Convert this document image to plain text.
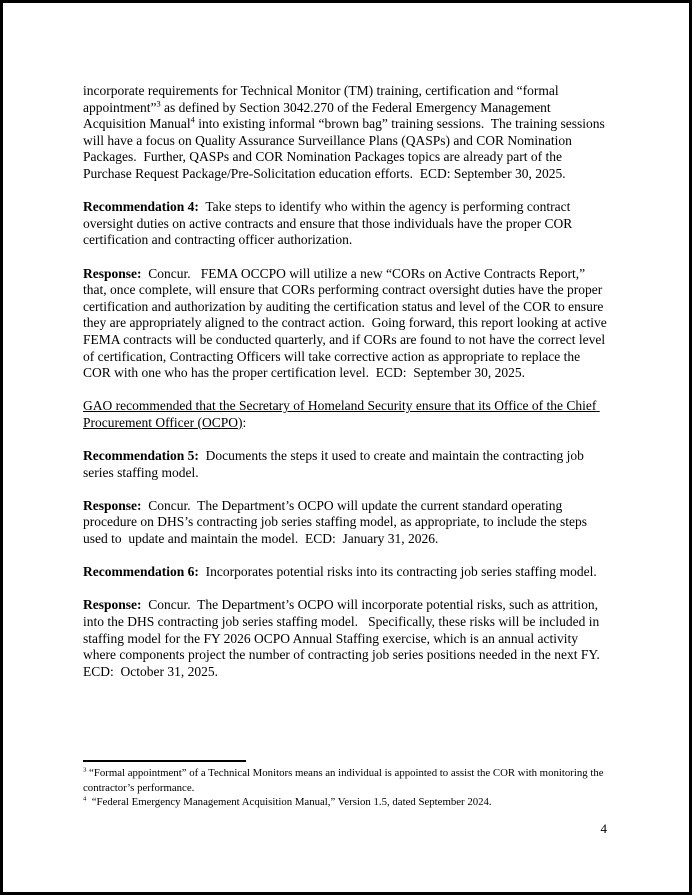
incorporate requirements for Technical Monitor (TM) training, certification and “formal appointment”$^3$ as defined by Section 3042.270 of the Federal Emergency Management Acquisition Manual$^4$ into existing informal “brown bag” training sessions.  The training sessions will have a focus on Quality Assurance Surveillance Plans (QASPs) and COR Nomination Packages.  Further, QASPs and COR Nomination Packages topics are already part of the Purchase Request Package/Pre-Solicitation education efforts.  ECD: September 30, 2025.

Recommendation 4:  Take steps to identify who within the agency is performing contract oversight duties on active contracts and ensure that those individuals have the proper COR certification and contracting officer authorization.

Response:  Concur.   FEMA OCCPO will utilize a new “CORs on Active Contracts Report,” that, once complete, will ensure that CORs performing contract oversight duties have the proper certification and authorization by auditing the certification status and level of the COR to ensure they are appropriately aligned to the contract action.  Going forward, this report looking at active FEMA contracts will be conducted quarterly, and if CORs are found to not have the correct level of certification, Contracting Officers will take corrective action as appropriate to replace the COR with one who has the proper certification level.  ECD:  September 30, 2025.

GAO recommended that the Secretary of Homeland Security ensure that its Office of the Chief Procurement Officer (OCPO):

Recommendation 5:  Documents the steps it used to create and maintain the contracting job series staffing model.

Response:  Concur.  The Department’s OCPO will update the current standard operating procedure on DHS’s contracting job series staffing model, as appropriate, to include the steps used to  update and maintain the model.  ECD:  January 31, 2026.

Recommendation 6:  Incorporates potential risks into its contracting job series staffing model.

Response:  Concur.  The Department’s OCPO will incorporate potential risks, such as attrition, into the DHS contracting job series staffing model.   Specifically, these risks will be included in staffing model for the FY 2026 OCPO Annual Staffing exercise, which is an annual activity where components project the number of contracting job series positions needed in the next FY.  ECD:  October 31, 2025.

$^3$ “Formal appointment” of a Technical Monitors means an individual is appointed to assist the COR with monitoring the contractor’s performance.

$^4$  “Federal Emergency Management Acquisition Manual,” Version 1.5, dated September 2024.

4
